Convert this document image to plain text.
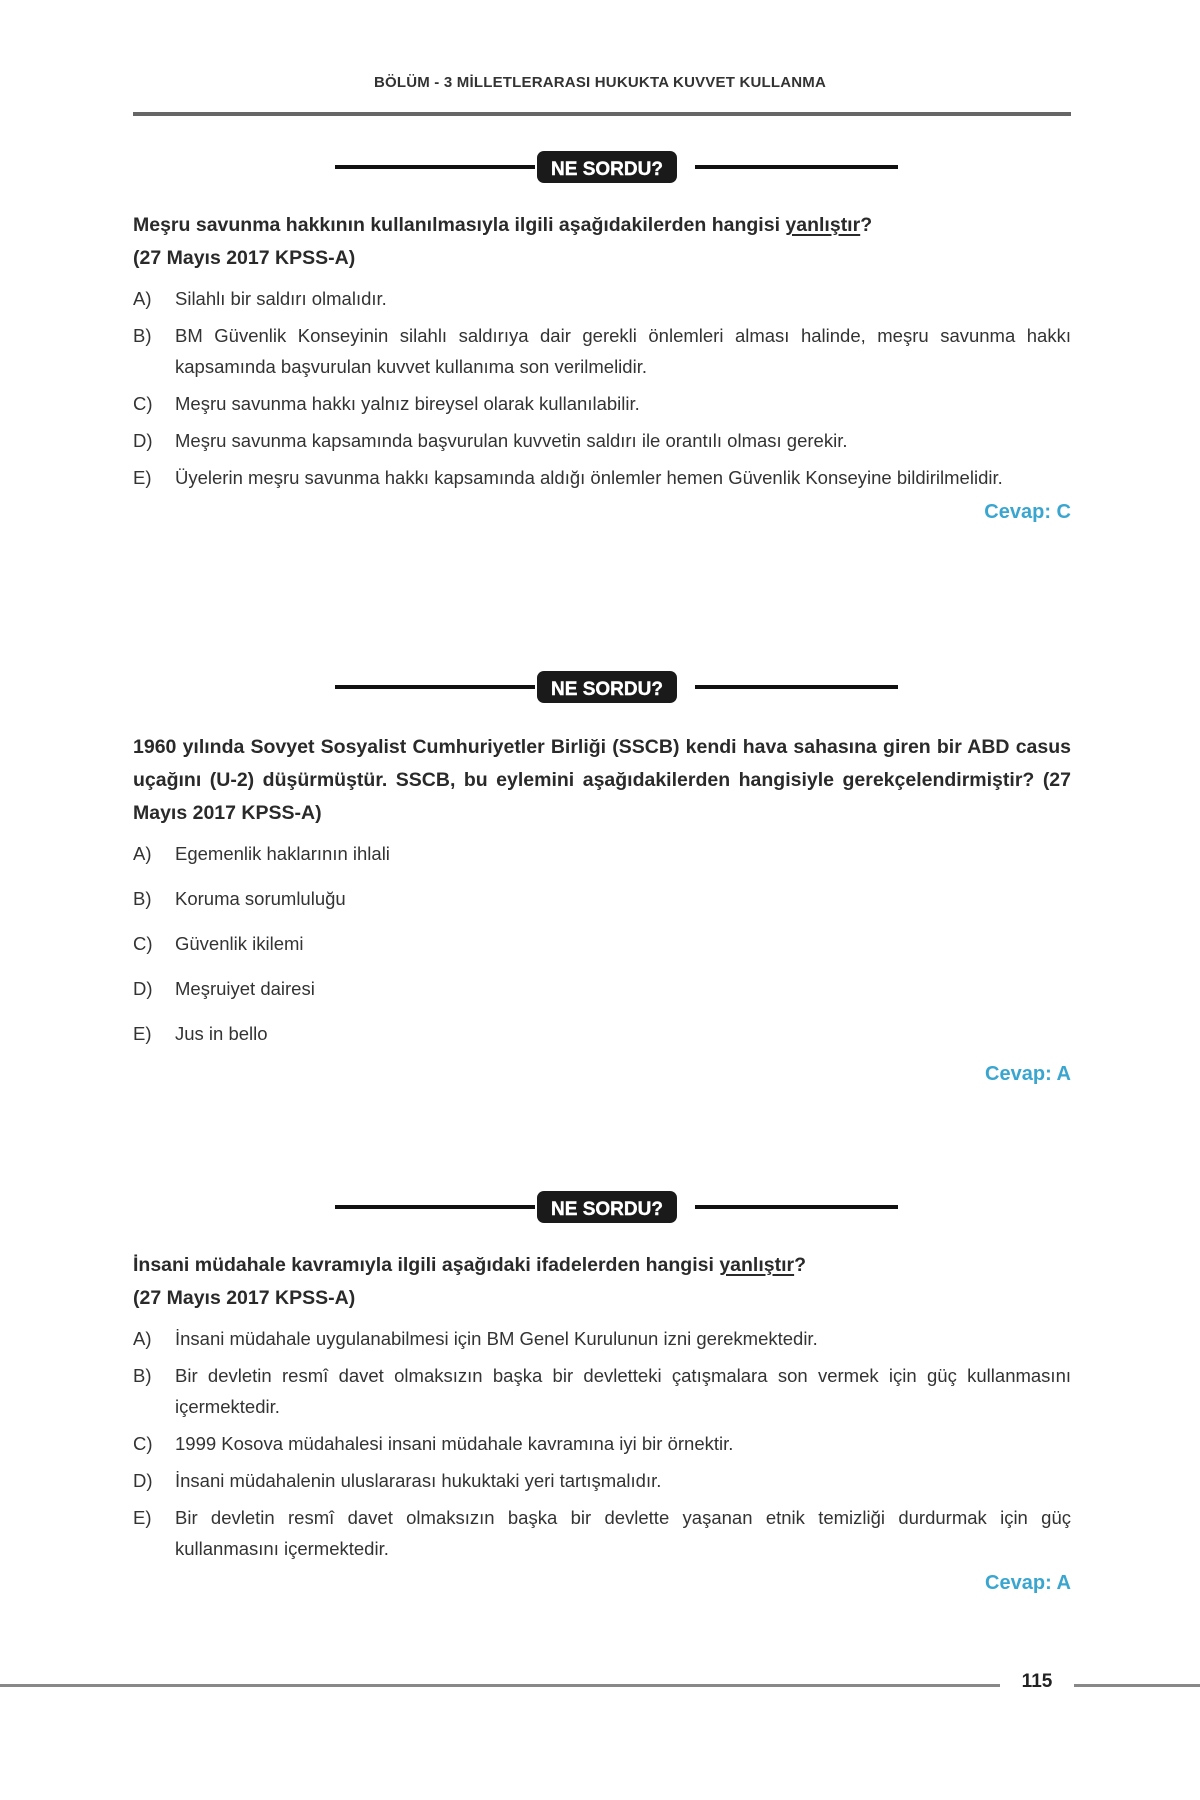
BÖLÜM - 3 MİLLETLERARASI HUKUKTA KUVVET KULLANMA
NE SORDU?
Meşru savunma hakkının kullanılmasıyla ilgili aşağıdakilerden hangisi yanlıştır?
(27 Mayıs 2017 KPSS-A)
A) Silahlı bir saldırı olmalıdır.
B) BM Güvenlik Konseyinin silahlı saldırıya dair gerekli önlemleri alması halinde, meşru savunma hakkı kapsamında başvurulan kuvvet kullanıma son verilmelidir.
C) Meşru savunma hakkı yalnız bireysel olarak kullanılabilir.
D) Meşru savunma kapsamında başvurulan kuvvetin saldırı ile orantılı olması gerekir.
E) Üyelerin meşru savunma hakkı kapsamında aldığı önlemler hemen Güvenlik Konseyine bildirilmelidir.
Cevap: C
NE SORDU?
1960 yılında Sovyet Sosyalist Cumhuriyetler Birliği (SSCB) kendi hava sahasına giren bir ABD casus uçağını (U-2) düşürmüştür. SSCB, bu eylemini aşağıdakilerden hangisiyle gerekçelendirmiştir? (27 Mayıs 2017 KPSS-A)
A) Egemenlik haklarının ihlali
B) Koruma sorumluluğu
C) Güvenlik ikilemi
D) Meşruiyet dairesi
E) Jus in bello
Cevap: A
NE SORDU?
İnsani müdahale kavramıyla ilgili aşağıdaki ifadelerden hangisi yanlıştır?
(27 Mayıs 2017 KPSS-A)
A) İnsani müdahale uygulanabilmesi için BM Genel Kurulunun izni gerekmektedir.
B) Bir devletin resmî davet olmaksızın başka bir devletteki çatışmalara son vermek için güç kullanmasını içermektedir.
C) 1999 Kosova müdahalesi insani müdahale kavramına iyi bir örnektir.
D) İnsani müdahalenin uluslararası hukuktaki yeri tartışmalıdır.
E) Bir devletin resmî davet olmaksızın başka bir devlette yaşanan etnik temizliği durdurmak için güç kullanmasını içermektedir.
Cevap: A
115
